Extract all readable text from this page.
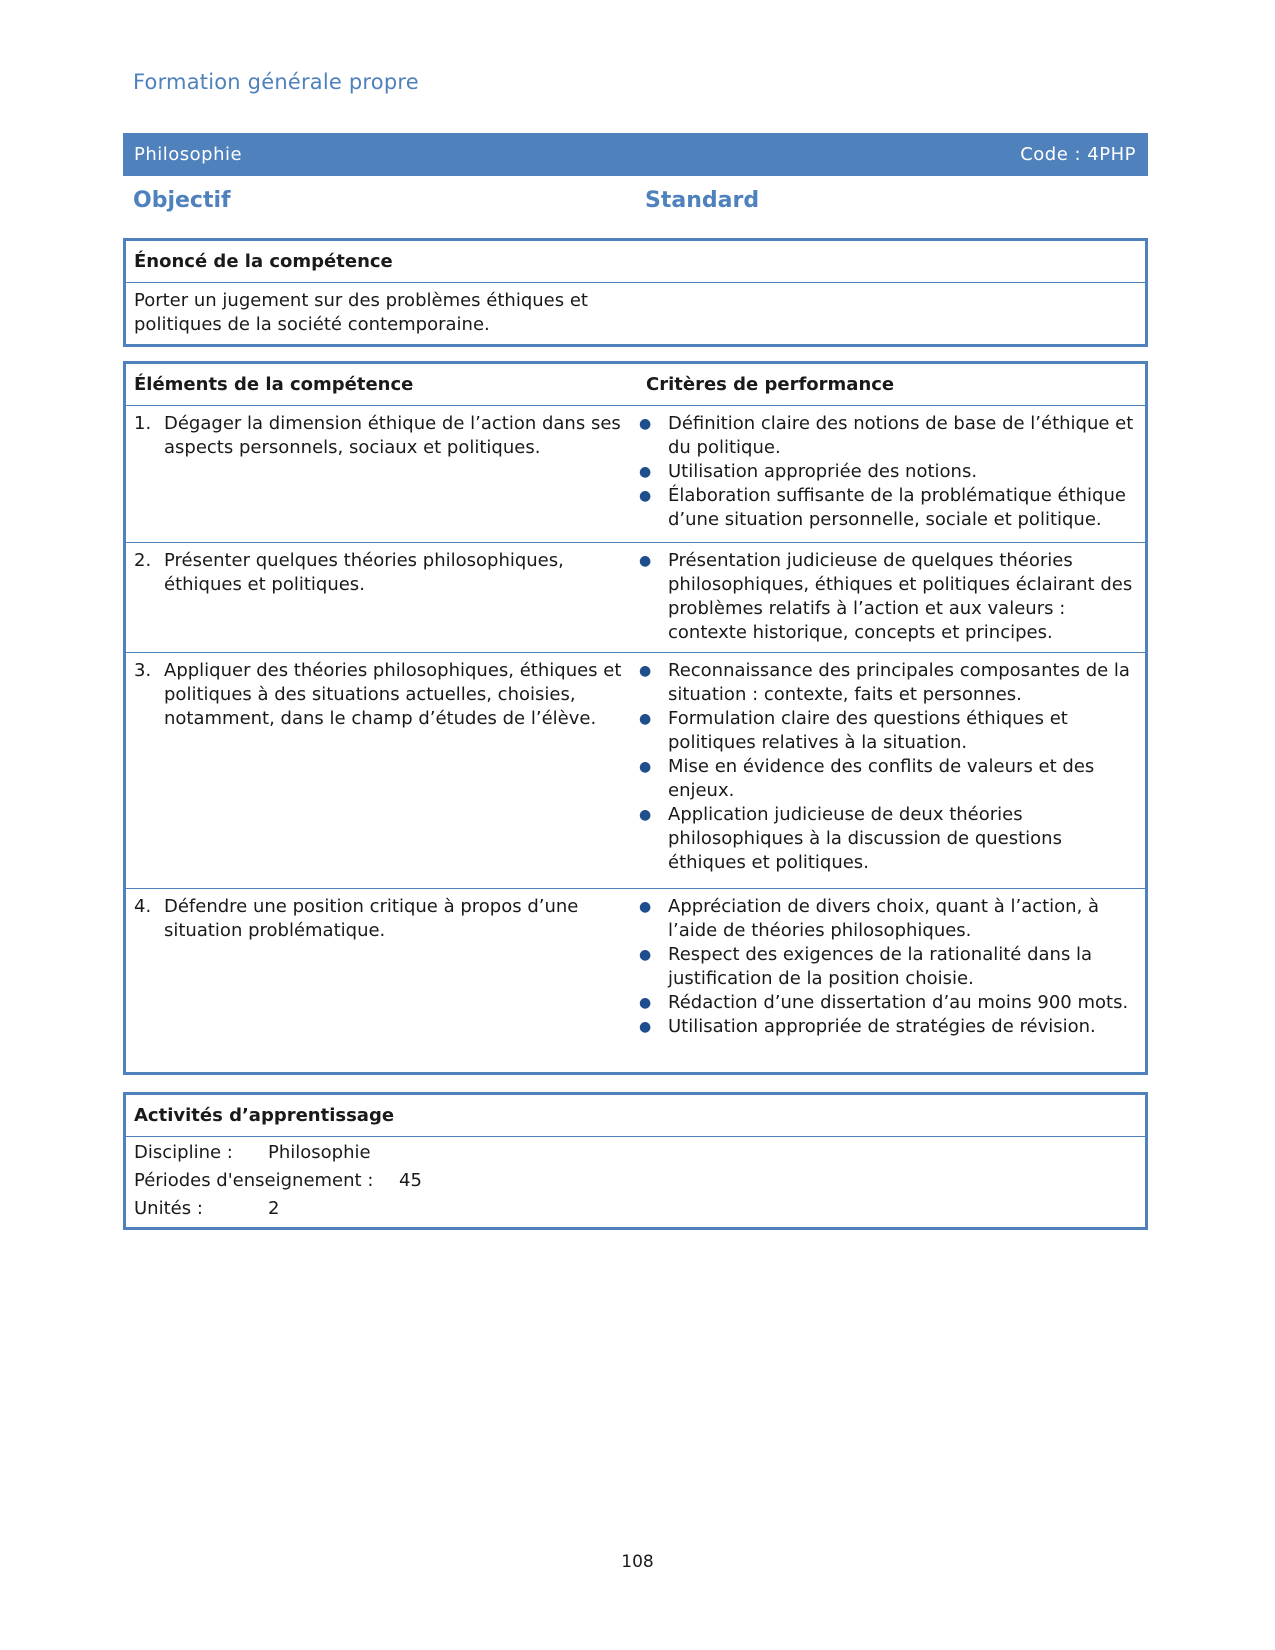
Formation générale propre
Philosophie	Code : 4PHP
Objectif	Standard
Énoncé de la compétence
Porter un jugement sur des problèmes éthiques et
politiques de la société contemporaine.
Éléments de la compétence	Critères de performance
1. Dégager la dimension éthique de l’action dans ses aspects personnels, sociaux et politiques.
● Définition claire des notions de base de l’éthique et du politique.
● Utilisation appropriée des notions.
● Élaboration suffisante de la problématique éthique d’une situation personnelle, sociale et politique.
2. Présenter quelques théories philosophiques, éthiques et politiques.
● Présentation judicieuse de quelques théories philosophiques, éthiques et politiques éclairant des problèmes relatifs à l’action et aux valeurs : contexte historique, concepts et principes.
3. Appliquer des théories philosophiques, éthiques et politiques à des situations actuelles, choisies, notamment, dans le champ d’études de l’élève.
● Reconnaissance des principales composantes de la situation : contexte, faits et personnes.
● Formulation claire des questions éthiques et politiques relatives à la situation.
● Mise en évidence des conflits de valeurs et des enjeux.
● Application judicieuse de deux théories philosophiques à la discussion de questions éthiques et politiques.
4. Défendre une position critique à propos d’une situation problématique.
● Appréciation de divers choix, quant à l’action, à l’aide de théories philosophiques.
● Respect des exigences de la rationalité dans la justification de la position choisie.
● Rédaction d’une dissertation d’au moins 900 mots.
● Utilisation appropriée de stratégies de révision.
Activités d’apprentissage
Discipline :	Philosophie
Périodes d'enseignement :	45
Unités :	2
108
